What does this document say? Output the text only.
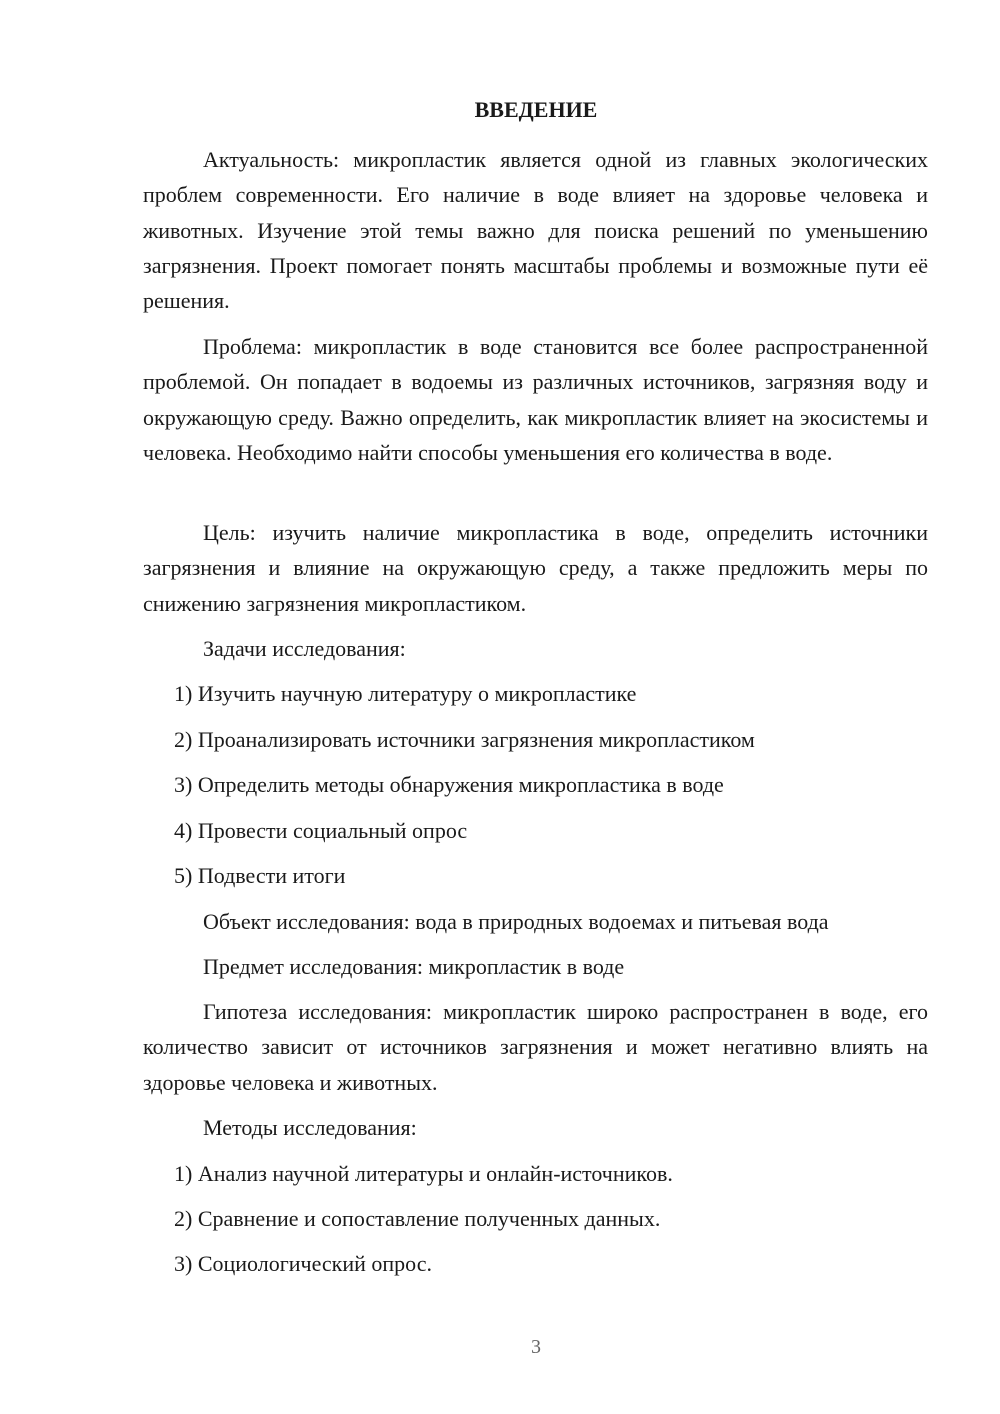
ВВЕДЕНИЕ

Актуальность: микропластик является одной из главных экологических проблем современности. Его наличие в воде влияет на здоровье человека и животных. Изучение этой темы важно для поиска решений по уменьшению загрязнения. Проект помогает понять масштабы проблемы и возможные пути её решения.

Проблема: микропластик в воде становится все более распространенной проблемой. Он попадает в водоемы из различных источников, загрязняя воду и окружающую среду. Важно определить, как микропластик влияет на экосистемы и человека. Необходимо найти способы уменьшения его количества в воде.

Цель: изучить наличие микропластика в воде, определить источники загрязнения и влияние на окружающую среду, а также предложить меры по снижению загрязнения микропластиком.

Задачи исследования:

1) Изучить научную литературу о микропластике

2) Проанализировать источники загрязнения микропластиком

3) Определить методы обнаружения микропластика в воде

4) Провести социальный опрос

5) Подвести итоги

Объект исследования: вода в природных водоемах и питьевая вода

Предмет исследования: микропластик в воде

Гипотеза исследования: микропластик широко распространен в воде, его количество зависит от источников загрязнения и может негативно влиять на здоровье человека и животных.

Методы исследования:

1) Анализ научной литературы и онлайн-источников.

2) Сравнение и сопоставление полученных данных.

3) Социологический опрос.

3
